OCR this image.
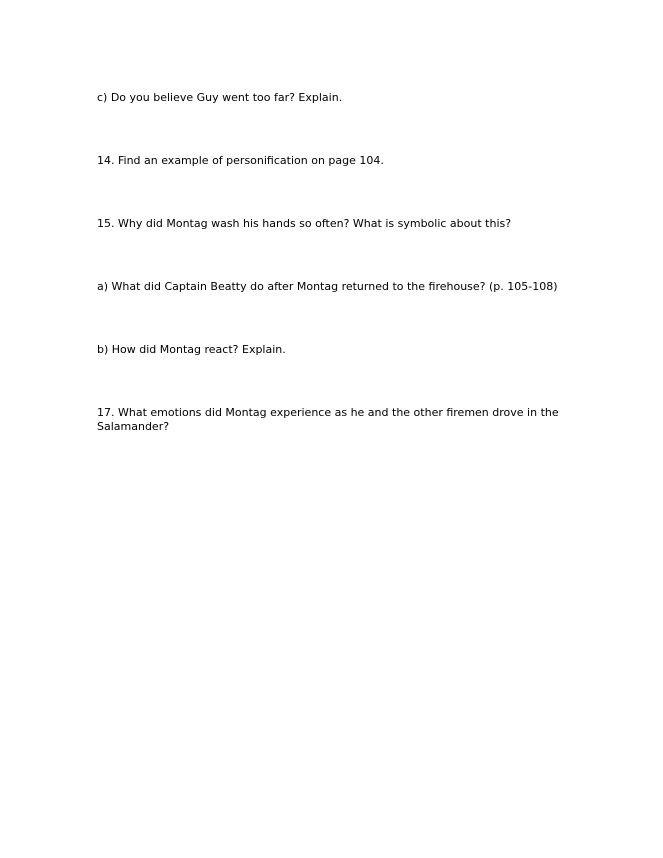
c) Do you believe Guy went too far? Explain.

14. Find an example of personification on page 104.

15. Why did Montag wash his hands so often? What is symbolic about this?

a) What did Captain Beatty do after Montag returned to the firehouse? (p. 105-108)

b) How did Montag react? Explain.

17. What emotions did Montag experience as he and the other firemen drove in the Salamander?
